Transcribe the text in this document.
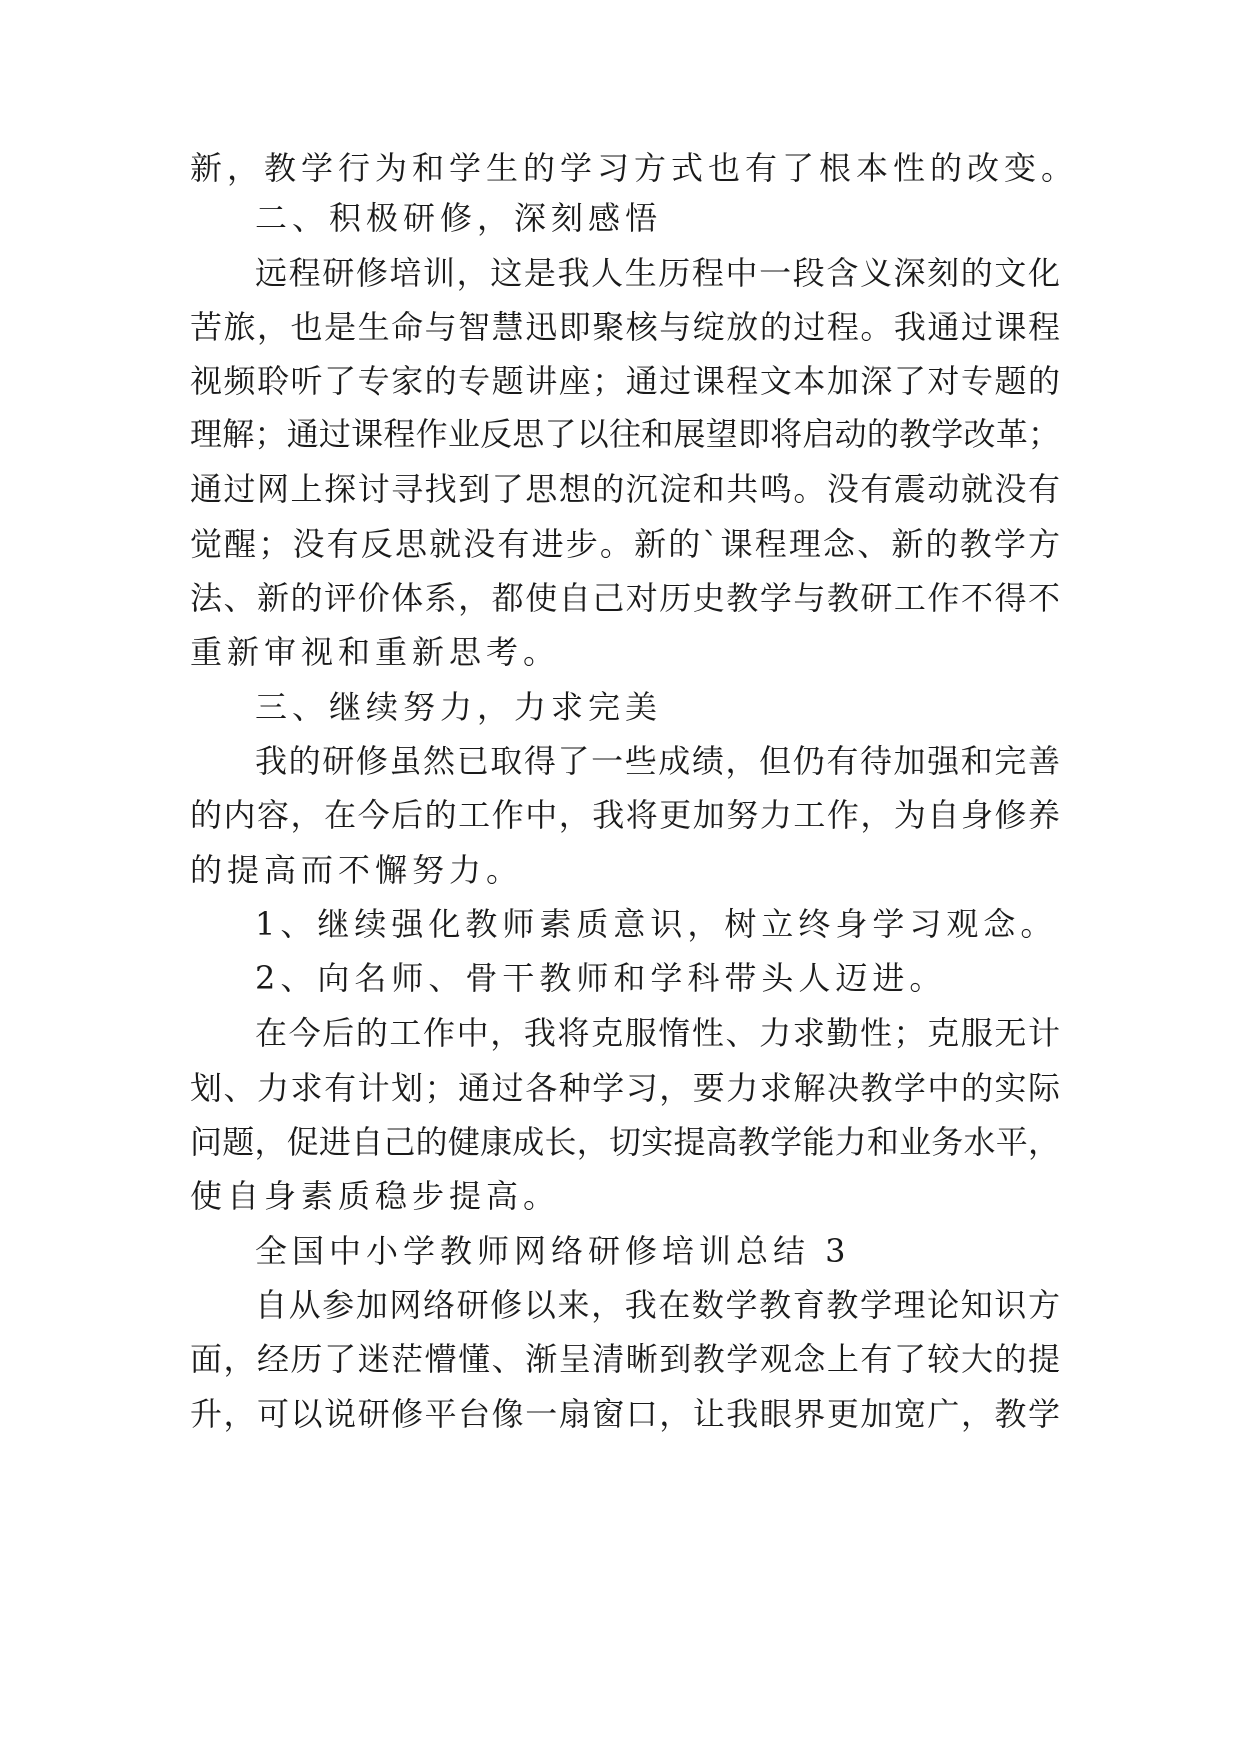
新，教学行为和学生的学习方式也有了根本性的改变。
二、积极研修，深刻感悟
远程研修培训，这是我人生历程中一段含义深刻的文化
苦旅，也是生命与智慧迅即聚核与绽放的过程。我通过课程
视频聆听了专家的专题讲座；通过课程文本加深了对专题的
理解；通过课程作业反思了以往和展望即将启动的教学改革；
通过网上探讨寻找到了思想的沉淀和共鸣。没有震动就没有
觉醒；没有反思就没有进步。新的`课程理念、新的教学方
法、新的评价体系，都使自己对历史教学与教研工作不得不
重新审视和重新思考。
三、继续努力，力求完美
我的研修虽然已取得了一些成绩，但仍有待加强和完善
的内容，在今后的工作中，我将更加努力工作，为自身修养
的提高而不懈努力。
1、继续强化教师素质意识，树立终身学习观念。
2、向名师、骨干教师和学科带头人迈进。
在今后的工作中，我将克服惰性、力求勤性；克服无计
划、力求有计划；通过各种学习，要力求解决教学中的实际
问题，促进自己的健康成长，切实提高教学能力和业务水平，
使自身素质稳步提高。
全国中小学教师网络研修培训总结 3
自从参加网络研修以来，我在数学教育教学理论知识方
面，经历了迷茫懵懂、渐呈清晰到教学观念上有了较大的提
升，可以说研修平台像一扇窗口，让我眼界更加宽广，教学
